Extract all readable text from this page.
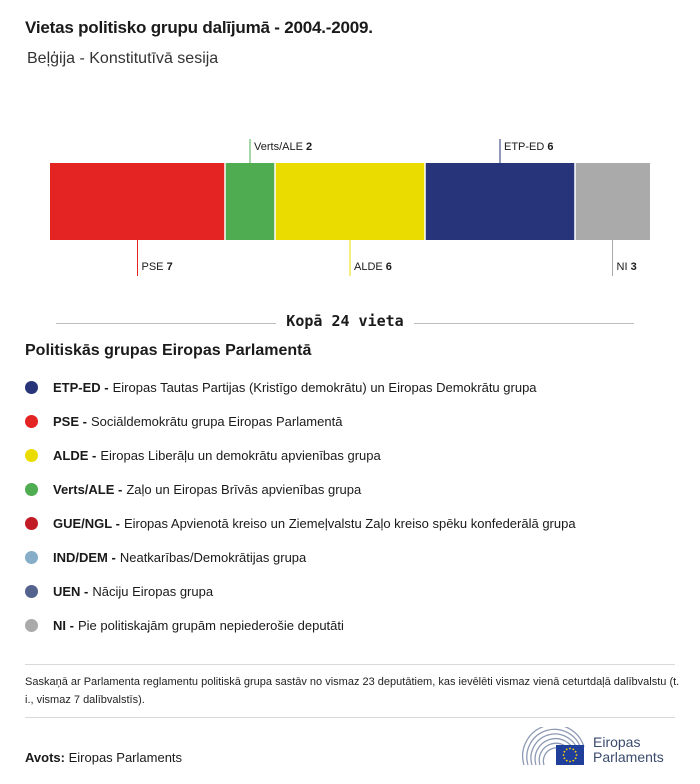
Vietas politisko grupu dalījumā - 2004.-2009.
Beļģija - Konstitutīvā sesija
PSE 7
Verts/ALE 2
ALDE 6
ETP-ED 6
NI 3
Kopā 24 vieta
Politiskās grupas Eiropas Parlamentā
ETP-ED - Eiropas Tautas Partijas (Kristīgo demokrātu) un Eiropas Demokrātu grupa
PSE - Sociāldemokrātu grupa Eiropas Parlamentā
ALDE - Eiropas Liberāļu un demokrātu apvienības grupa
Verts/ALE - Zaļo un Eiropas Brīvās apvienības grupa
GUE/NGL - Eiropas Apvienotā kreiso un Ziemeļvalstu Zaļo kreiso spēku konfederālā grupa
IND/DEM - Neatkarības/Demokrātijas grupa
UEN - Nāciju Eiropas grupa
NI - Pie politiskajām grupām nepiederošie deputāti
Saskaņā ar Parlamenta reglamentu politiskā grupa sastāv no vismaz 23 deputātiem, kas ievēlēti vismaz vienā ceturtdaļā dalībvalstu (t. i., vismaz 7 dalībvalstīs).
Avots: Eiropas Parlaments
Eiropas
Parlaments
